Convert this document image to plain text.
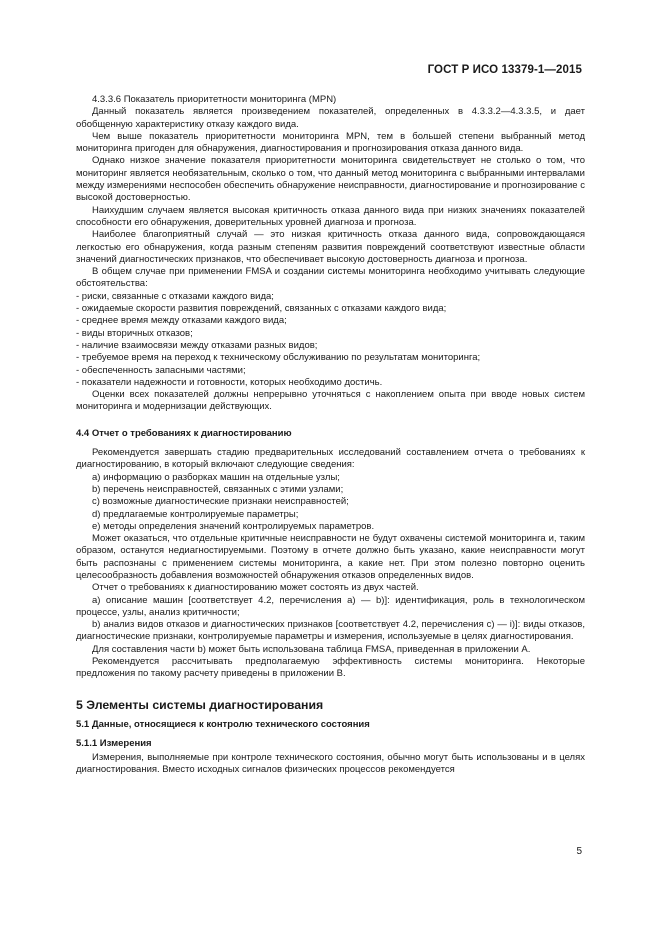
ГОСТ Р ИСО 13379-1—2015

4.3.3.6 Показатель приоритетности мониторинга (MPN)

Данный показатель является произведением показателей, определенных в 4.3.3.2—4.3.3.5, и дает обобщенную характеристику отказу каждого вида.

Чем выше показатель приоритетности мониторинга MPN, тем в большей степени выбранный метод мониторинга пригоден для обнаружения, диагностирования и прогнозирования отказа данного вида.

Однако низкое значение показателя приоритетности мониторинга свидетельствует не столько о том, что мониторинг является необязательным, сколько о том, что данный метод мониторинга с выбранными интервалами между измерениями неспособен обеспечить обнаружение неисправности, диагностирование и прогнозирование с высокой достоверностью.

Наихудшим случаем является высокая критичность отказа данного вида при низких значениях показателей способности его обнаружения, доверительных уровней диагноза и прогноза.

Наиболее благоприятный случай — это низкая критичность отказа данного вида, сопровождающаяся легкостью его обнаружения, когда разным степеням развития повреждений соответствуют известные области значений диагностических признаков, что обеспечивает высокую достоверность диагноза и прогноза.

В общем случае при применении FMSA и создании системы мониторинга необходимо учитывать следующие обстоятельства:

- риски, связанные с отказами каждого вида;

- ожидаемые скорости развития повреждений, связанных с отказами каждого вида;

- среднее время между отказами каждого вида;

- виды вторичных отказов;

- наличие взаимосвязи между отказами разных видов;

- требуемое время на переход к техническому обслуживанию по результатам мониторинга;

- обеспеченность запасными частями;

- показатели надежности и готовности, которых необходимо достичь.

Оценки всех показателей должны непрерывно уточняться с накоплением опыта при вводе новых систем мониторинга и модернизации действующих.

4.4 Отчет о требованиях к диагностированию

Рекомендуется завершать стадию предварительных исследований составлением отчета о требованиях к диагностированию, в который включают следующие сведения:

a) информацию о разборках машин на отдельные узлы;

b) перечень неисправностей, связанных с этими узлами;

c) возможные диагностические признаки неисправностей;

d) предлагаемые контролируемые параметры;

e) методы определения значений контролируемых параметров.

Может оказаться, что отдельные критичные неисправности не будут охвачены системой мониторинга и, таким образом, останутся недиагностируемыми. Поэтому в отчете должно быть указано, какие неисправности могут быть распознаны с применением системы мониторинга, а какие нет. При этом полезно повторно оценить целесообразность добавления возможностей обнаружения отказов определенных видов.

Отчет о требованиях к диагностированию может состоять из двух частей.

a) описание машин [соответствует 4.2, перечисления a) — b)]: идентификация, роль в технологическом процессе, узлы, анализ критичности;

b) анализ видов отказов и диагностических признаков [соответствует 4.2, перечисления c) — i)]: виды отказов, диагностические признаки, контролируемые параметры и измерения, используемые в целях диагностирования.

Для составления части b) может быть использована таблица FMSA, приведенная в приложении A.

Рекомендуется рассчитывать предполагаемую эффективность системы мониторинга. Некоторые предложения по такому расчету приведены в приложении B.

5 Элементы системы диагностирования
5.1 Данные, относящиеся к контролю технического состояния
5.1.1 Измерения

Измерения, выполняемые при контроле технического состояния, обычно могут быть использованы и в целях диагностирования. Вместо исходных сигналов физических процессов рекомендуется

5
